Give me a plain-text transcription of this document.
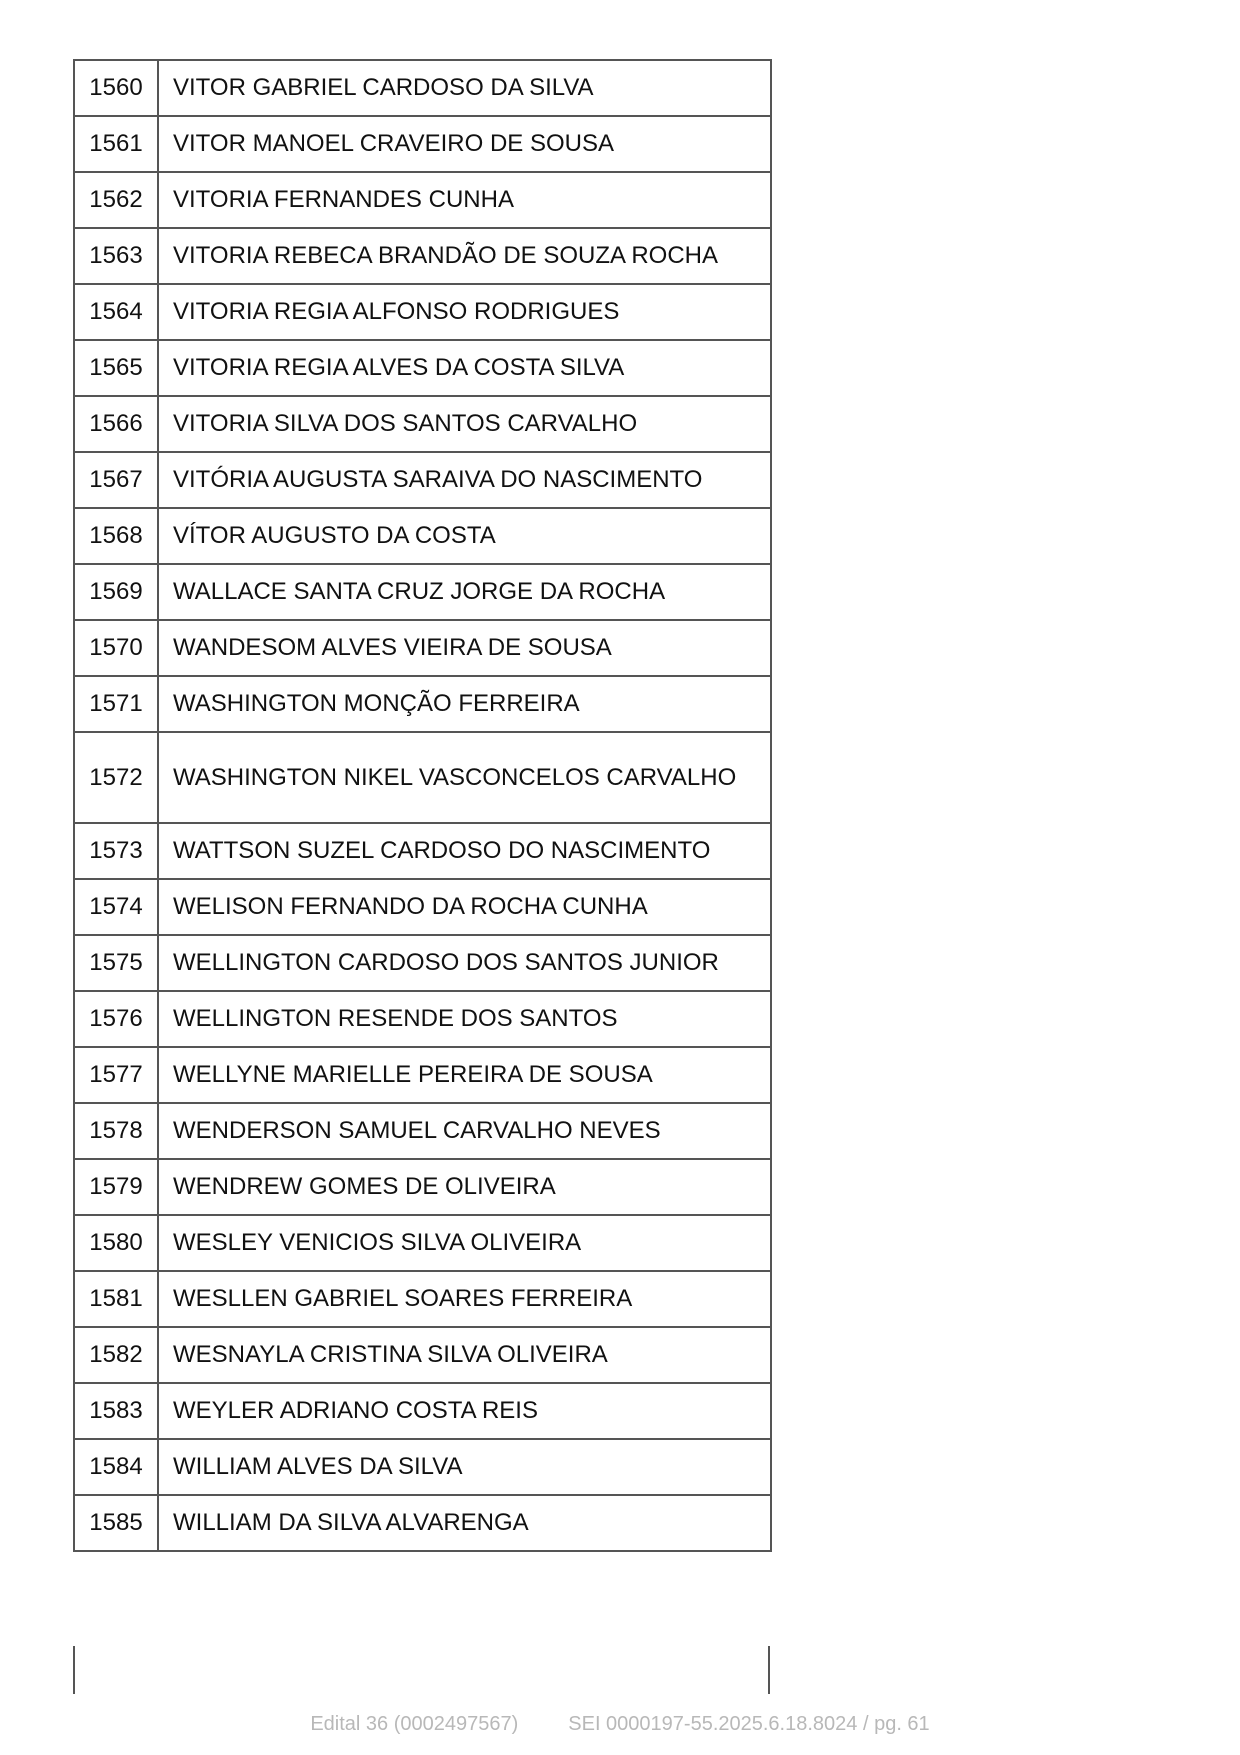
1560	VITOR GABRIEL CARDOSO DA SILVA
1561	VITOR MANOEL CRAVEIRO DE SOUSA
1562	VITORIA FERNANDES CUNHA
1563	VITORIA REBECA BRANDÃO DE SOUZA ROCHA
1564	VITORIA REGIA ALFONSO RODRIGUES
1565	VITORIA REGIA ALVES DA COSTA SILVA
1566	VITORIA SILVA DOS SANTOS CARVALHO
1567	VITÓRIA AUGUSTA SARAIVA DO NASCIMENTO
1568	VÍTOR AUGUSTO DA COSTA
1569	WALLACE SANTA CRUZ JORGE DA ROCHA
1570	WANDESOM ALVES VIEIRA DE SOUSA
1571	WASHINGTON MONÇÃO FERREIRA
1572	WASHINGTON NIKEL VASCONCELOS CARVALHO
1573	WATTSON SUZEL CARDOSO DO NASCIMENTO
1574	WELISON FERNANDO DA ROCHA CUNHA
1575	WELLINGTON CARDOSO DOS SANTOS JUNIOR
1576	WELLINGTON RESENDE DOS SANTOS
1577	WELLYNE MARIELLE PEREIRA DE SOUSA
1578	WENDERSON SAMUEL CARVALHO NEVES
1579	WENDREW GOMES DE OLIVEIRA
1580	WESLEY VENICIOS SILVA OLIVEIRA
1581	WESLLEN GABRIEL SOARES FERREIRA
1582	WESNAYLA CRISTINA SILVA OLIVEIRA
1583	WEYLER ADRIANO COSTA REIS
1584	WILLIAM ALVES DA SILVA
1585	WILLIAM DA SILVA ALVARENGA
Edital 36 (0002497567)	SEI 0000197-55.2025.6.18.8024 / pg. 61
